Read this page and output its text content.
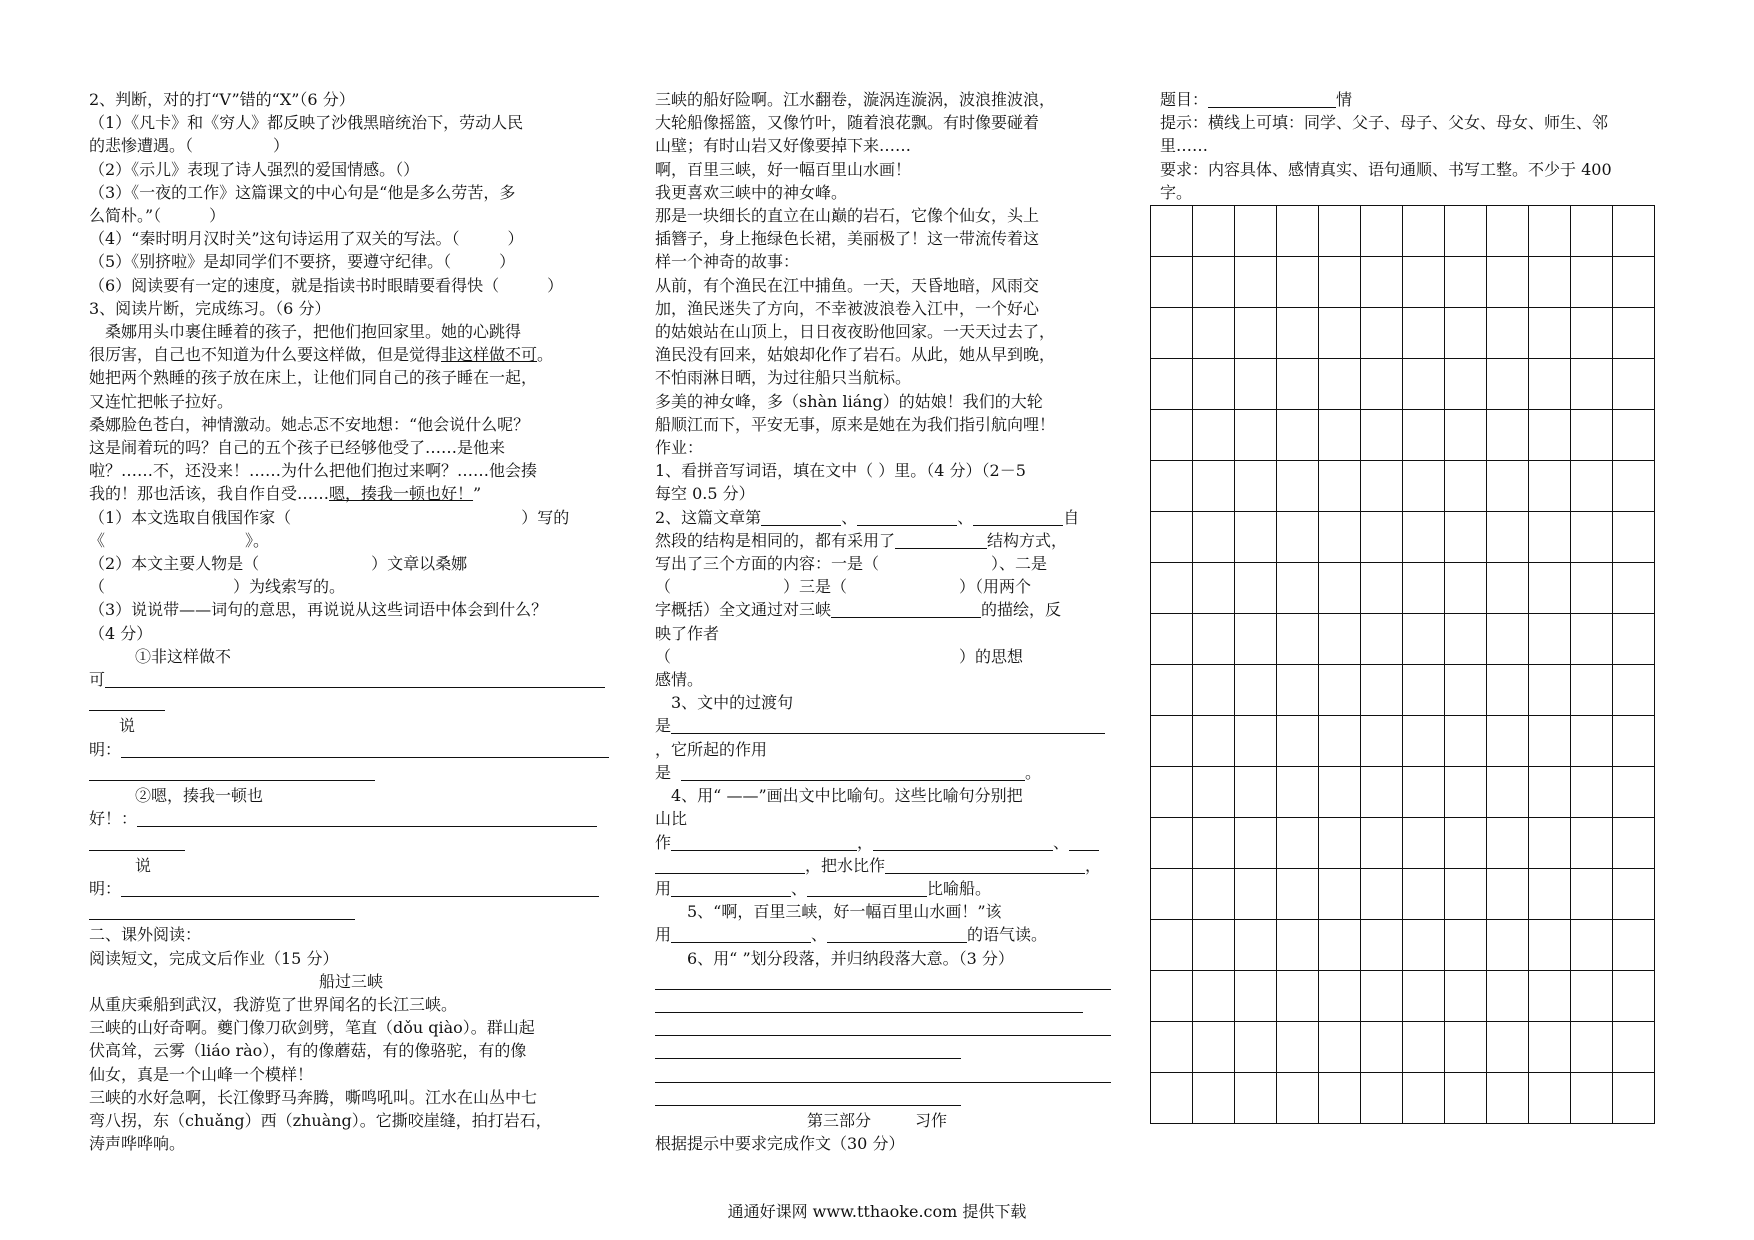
2、判断，对的打“V”错的“X”（6 分）
（1）《凡卡》和《穷人》都反映了沙俄黑暗统治下，劳动人民
的悲惨遭遇。（　　　　　）
（2）《示儿》表现了诗人强烈的爱国情感。（）
（3）《一夜的工作》这篇课文的中心句是“他是多么劳苦，多
么简朴。”（　　　）
（4）“秦时明月汉时关”这句诗运用了双关的写法。（　　　）
（5）《别挤啦》是却同学们不要挤，要遵守纪律。（　　　）
（6）阅读要有一定的速度，就是指读书时眼睛要看得快（　　　）
3、阅读片断，完成练习。（6 分）
　桑娜用头巾裹住睡着的孩子，把他们抱回家里。她的心跳得
很厉害，自己也不知道为什么要这样做，但是觉得非这样做不可。
她把两个熟睡的孩子放在床上，让他们同自己的孩子睡在一起，
又连忙把帐子拉好。
桑娜脸色苍白，神情激动。她忐忑不安地想：“他会说什么呢？
这是闹着玩的吗？自己的五个孩子已经够他受了……是他来
啦？……不，还没来！……为什么把他们抱过来啊？……他会揍
我的！那也活该，我自作自受……嗯，揍我一顿也好！”
（1）本文选取自俄国作家（	）写的
《	》。
（2）本文主要人物是（　　　　　　　）文章以桑娜
（　　　　　　　　）为线索写的。
（3）说说带——词句的意思，再说说从这些词语中体会到什么？
（4 分）
①非这样做不
可
说
明：
②嗯，揍我一顿也
好！：
说
明：
二、课外阅读：
阅读短文，完成文后作业（15 分）
船过三峡
从重庆乘船到武汉，我游览了世界闻名的长江三峡。
三峡的山好奇啊。夔门像刀砍剑劈，笔直（dǒu qiào）。群山起
伏高耸，云雾（liáo rào），有的像蘑菇，有的像骆驼，有的像
仙女，真是一个山峰一个模样！
三峡的水好急啊，长江像野马奔腾，嘶鸣吼叫。江水在山丛中七
弯八拐，东（chuǎng）西（zhuàng）。它撕咬崖缝，拍打岩石，
涛声哗哗响。
三峡的船好险啊。江水翻卷，漩涡连漩涡，波浪推波浪，
大轮船像摇篮，又像竹叶，随着浪花飘。有时像要碰着
山壁；有时山岩又好像要掉下来……
啊，百里三峡，好一幅百里山水画！
我更喜欢三峡中的神女峰。
那是一块细长的直立在山巅的岩石，它像个仙女，头上
插簪子，身上拖绿色长裙，美丽极了！这一带流传着这
样一个神奇的故事：
从前，有个渔民在江中捕鱼。一天，天昏地暗，风雨交
加，渔民迷失了方向，不幸被波浪卷入江中，一个好心
的姑娘站在山顶上，日日夜夜盼他回家。一天天过去了，
渔民没有回来，姑娘却化作了岩石。从此，她从早到晚，
不怕雨淋日晒，为过往船只当航标。
多美的神女峰，多（shàn liáng）的姑娘！我们的大轮
船顺江而下，平安无事，原来是她在为我们指引航向哩！
作业：
1、看拼音写词语，填在文中（ ）里。（4 分）（2－5
每空 0.5 分）
2、这篇文章第	、	、	自
然段的结构是相同的，都有采用了	结构方式，
写出了三个方面的内容：一是（　　　　　　　）、二是
（　　　　　　　）三是（　　　　　　　）（用两个
字概括）全文通过对三峡	的描绘，反
映了作者
（　　　　　　　　　　　　　　　　　　）的思想
感情。
　3、文中的过渡句
是
，它所起的作用
是	。
　4、用“ ——”画出文中比喻句。这些比喻句分别把
山比
作	，	、
，把水比作	，
用	、	比喻船。
　　5、“啊，百里三峡，好一幅百里山水画！”该
用	、	的语气读。
　　6、用“ ”划分段落，并归纳段落大意。（3 分）
第三部分	习作
根据提示中要求完成作文（30 分）
题目：	情
提示：横线上可填：同学、父子、母子、父女、母女、师生、邻
里……
要求：内容具体、感情真实、语句通顺、书写工整。不少于 400
字。

通通好课网 www.tthaoke.com 提供下载
